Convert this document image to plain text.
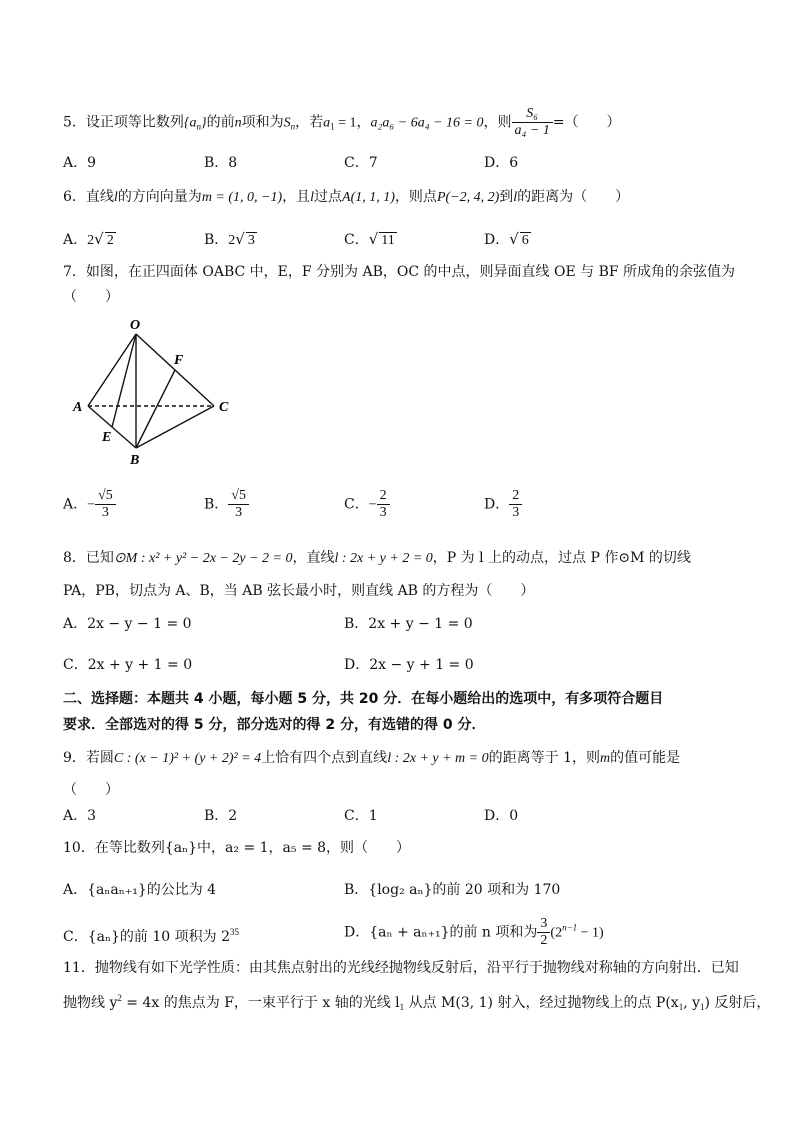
5．设正项等比数列$\{a_n\}$的前n项和为$S_n$，若$a_1 = 1$，a₂a₆ − 6a₄ − 16 = 0，则 $\frac{\text{S₆}}{\text{a₄ − 1}}$ =（　　）
A．9	B．8	C．7	D．6
6．直线l的方向向量为m = (1, 0, −1)，且l过点A(1, 1, 1)，则点P(−2, 4, 2)到l的距离为（　　）
A．2√ 2	B．2√ 3	C．√ 11	D．√ 6
7．如图，在正四面体 OABC 中，E，F 分别为 AB，OC 的中点，则异面直线 OE 与 BF 所成角的余弦值为
（　　）
O
F
A	C
E
B
A．− $\frac{√5}{3}$	B． $\frac{√5}{3}$	C．− $\frac{2}{3}$	D． $\frac{2}{3}$
8．已知⊙M : x² + y² − 2x − 2y − 2 = 0，直线l : 2x + y + 2 = 0，P 为 l 上的动点，过点 P 作⊙M 的切线
PA，PB，切点为 A、B，当 AB 弦长最小时，则直线 AB 的方程为（　　）
A．2x − y − 1 = 0	B．2x + y − 1 = 0
C．2x + y + 1 = 0	D．2x − y + 1 = 0
二、选择题：本题共 4 小题，每小题 5 分，共 20 分．在每小题给出的选项中，有多项符合题目
要求．全部选对的得 5 分，部分选对的得 2 分，有选错的得 0 分．
9．若圆C : (x − 1)² + (y + 2)² = 4上恰有四个点到直线l : 2x + y + m = 0的距离等于 1，则m的值可能是
（　　）
A．3	B．2	C．1	D．0
10．在等比数列{aₙ}中，a₂ = 1，a₅ = 8，则（　　）
A．{aₙaₙ₊₁}的公比为 4	B．{log₂ aₙ}的前 20 项和为 170
C．{aₙ}的前 10 项积为 $2^{35}$	D．{aₙ + aₙ₊₁}的前 n 项和为 $\frac{3}{2} (2^{n-1} - 1)$
11．抛物线有如下光学性质：由其焦点射出的光线经抛物线反射后，沿平行于抛物线对称轴的方向射出．已知
抛物线 $y^2 = 4x$ 的焦点为 F，一束平行于 x 轴的光线 $l_1$ 从点 M(3, 1) 射入，经过抛物线上的点 $P(x_1$, $y_1$) 反射后，
